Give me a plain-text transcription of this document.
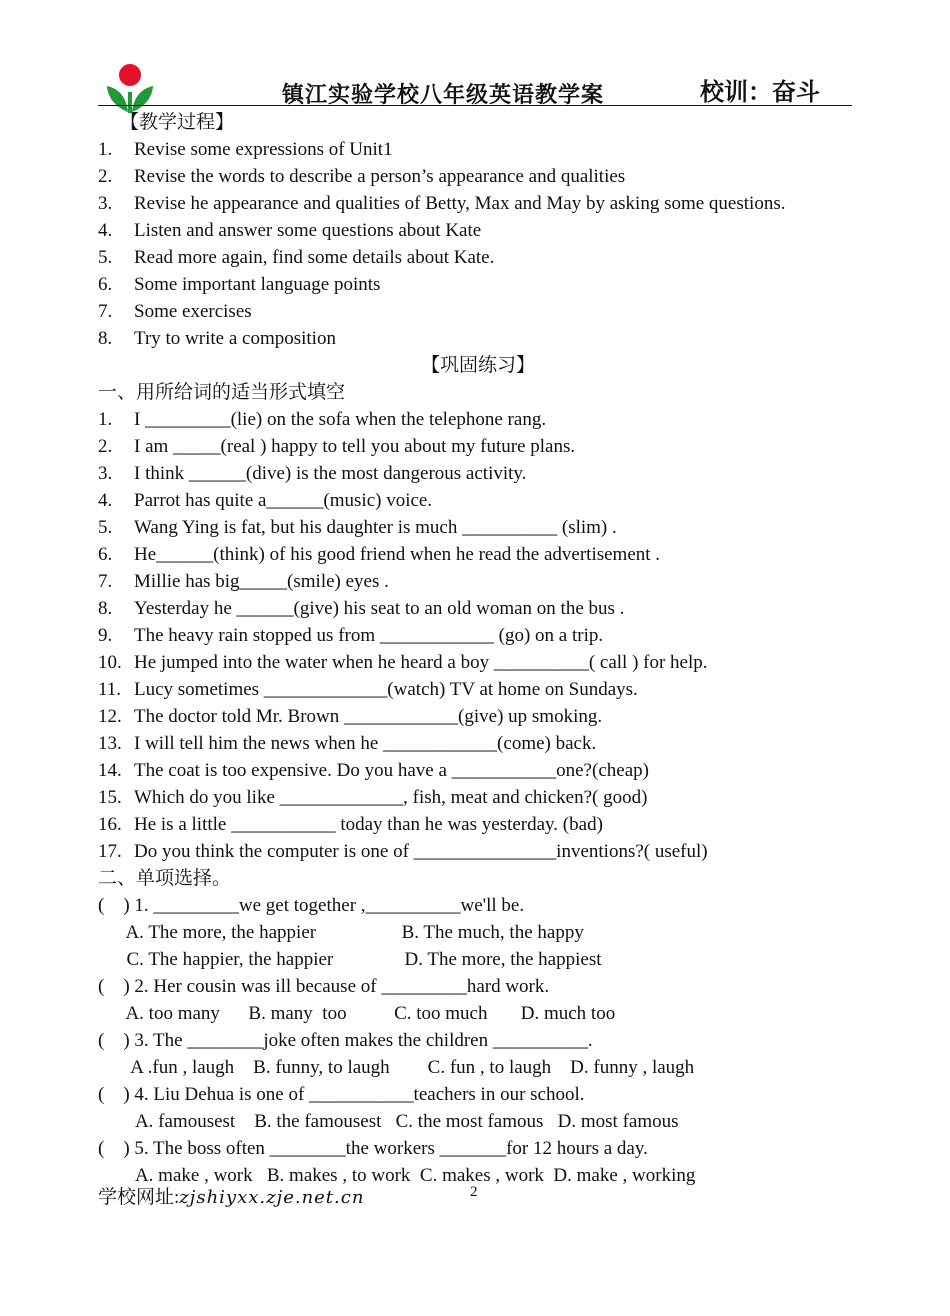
镇江实验学校八年级英语教学案	校训：奋斗
【教学过程】
1. Revise some expressions of Unit1
2. Revise the words to describe a person’s appearance and qualities
3. Revise he appearance and qualities of Betty, Max and May by asking some questions.
4. Listen and answer some questions about Kate
5. Read more again, find some details about Kate.
6. Some important language points
7. Some exercises
8. Try to write a composition
【巩固练习】
一、用所给词的适当形式填空
1. I _________(lie) on the sofa when the telephone rang.
2. I am _____(real ) happy to tell you about my future plans.
3. I think ______(dive) is the most dangerous activity.
4. Parrot has quite a______(music) voice.
5. Wang Ying is fat, but his daughter is much __________ (slim) .
6. He______(think) of his good friend when he read the advertisement .
7. Millie has big_____(smile) eyes .
8. Yesterday he ______(give) his seat to an old woman on the bus .
9. The heavy rain stopped us from ____________ (go) on a trip.
10. He jumped into the water when he heard a boy __________( call ) for help.
11. Lucy sometimes _____________(watch) TV at home on Sundays.
12. The doctor told Mr. Brown ____________(give) up smoking.
13. I will tell him the news when he ____________(come) back.
14. The coat is too expensive. Do you have a ___________one?(cheap)
15. Which do you like _____________, fish, meat and chicken?( good)
16. He is a little ___________ today than he was yesterday. (bad)
17. Do you think the computer is one of _______________inventions?( useful)
二、单项选择。
(    ) 1. _________we get together ,__________we'll be.
A. The more, the happier                  B. The much, the happy
C. The happier, the happier               D. The more, the happiest
(    ) 2. Her cousin was ill because of _________hard work.
A. too many      B. many  too          C. too much       D. much too
(    ) 3. The ________joke often makes the children __________.
A .fun , laugh    B. funny, to laugh        C. fun , to laugh    D. funny , laugh
(    ) 4. Liu Dehua is one of ___________teachers in our school.
A. famousest    B. the famousest   C. the most famous   D. most famous
(    ) 5. The boss often ________the workers _______for 12 hours a day.
A. make , work   B. makes , to work  C. makes , work  D. make , working
学校网址:zjshiyxx.zje.net.cn	2
